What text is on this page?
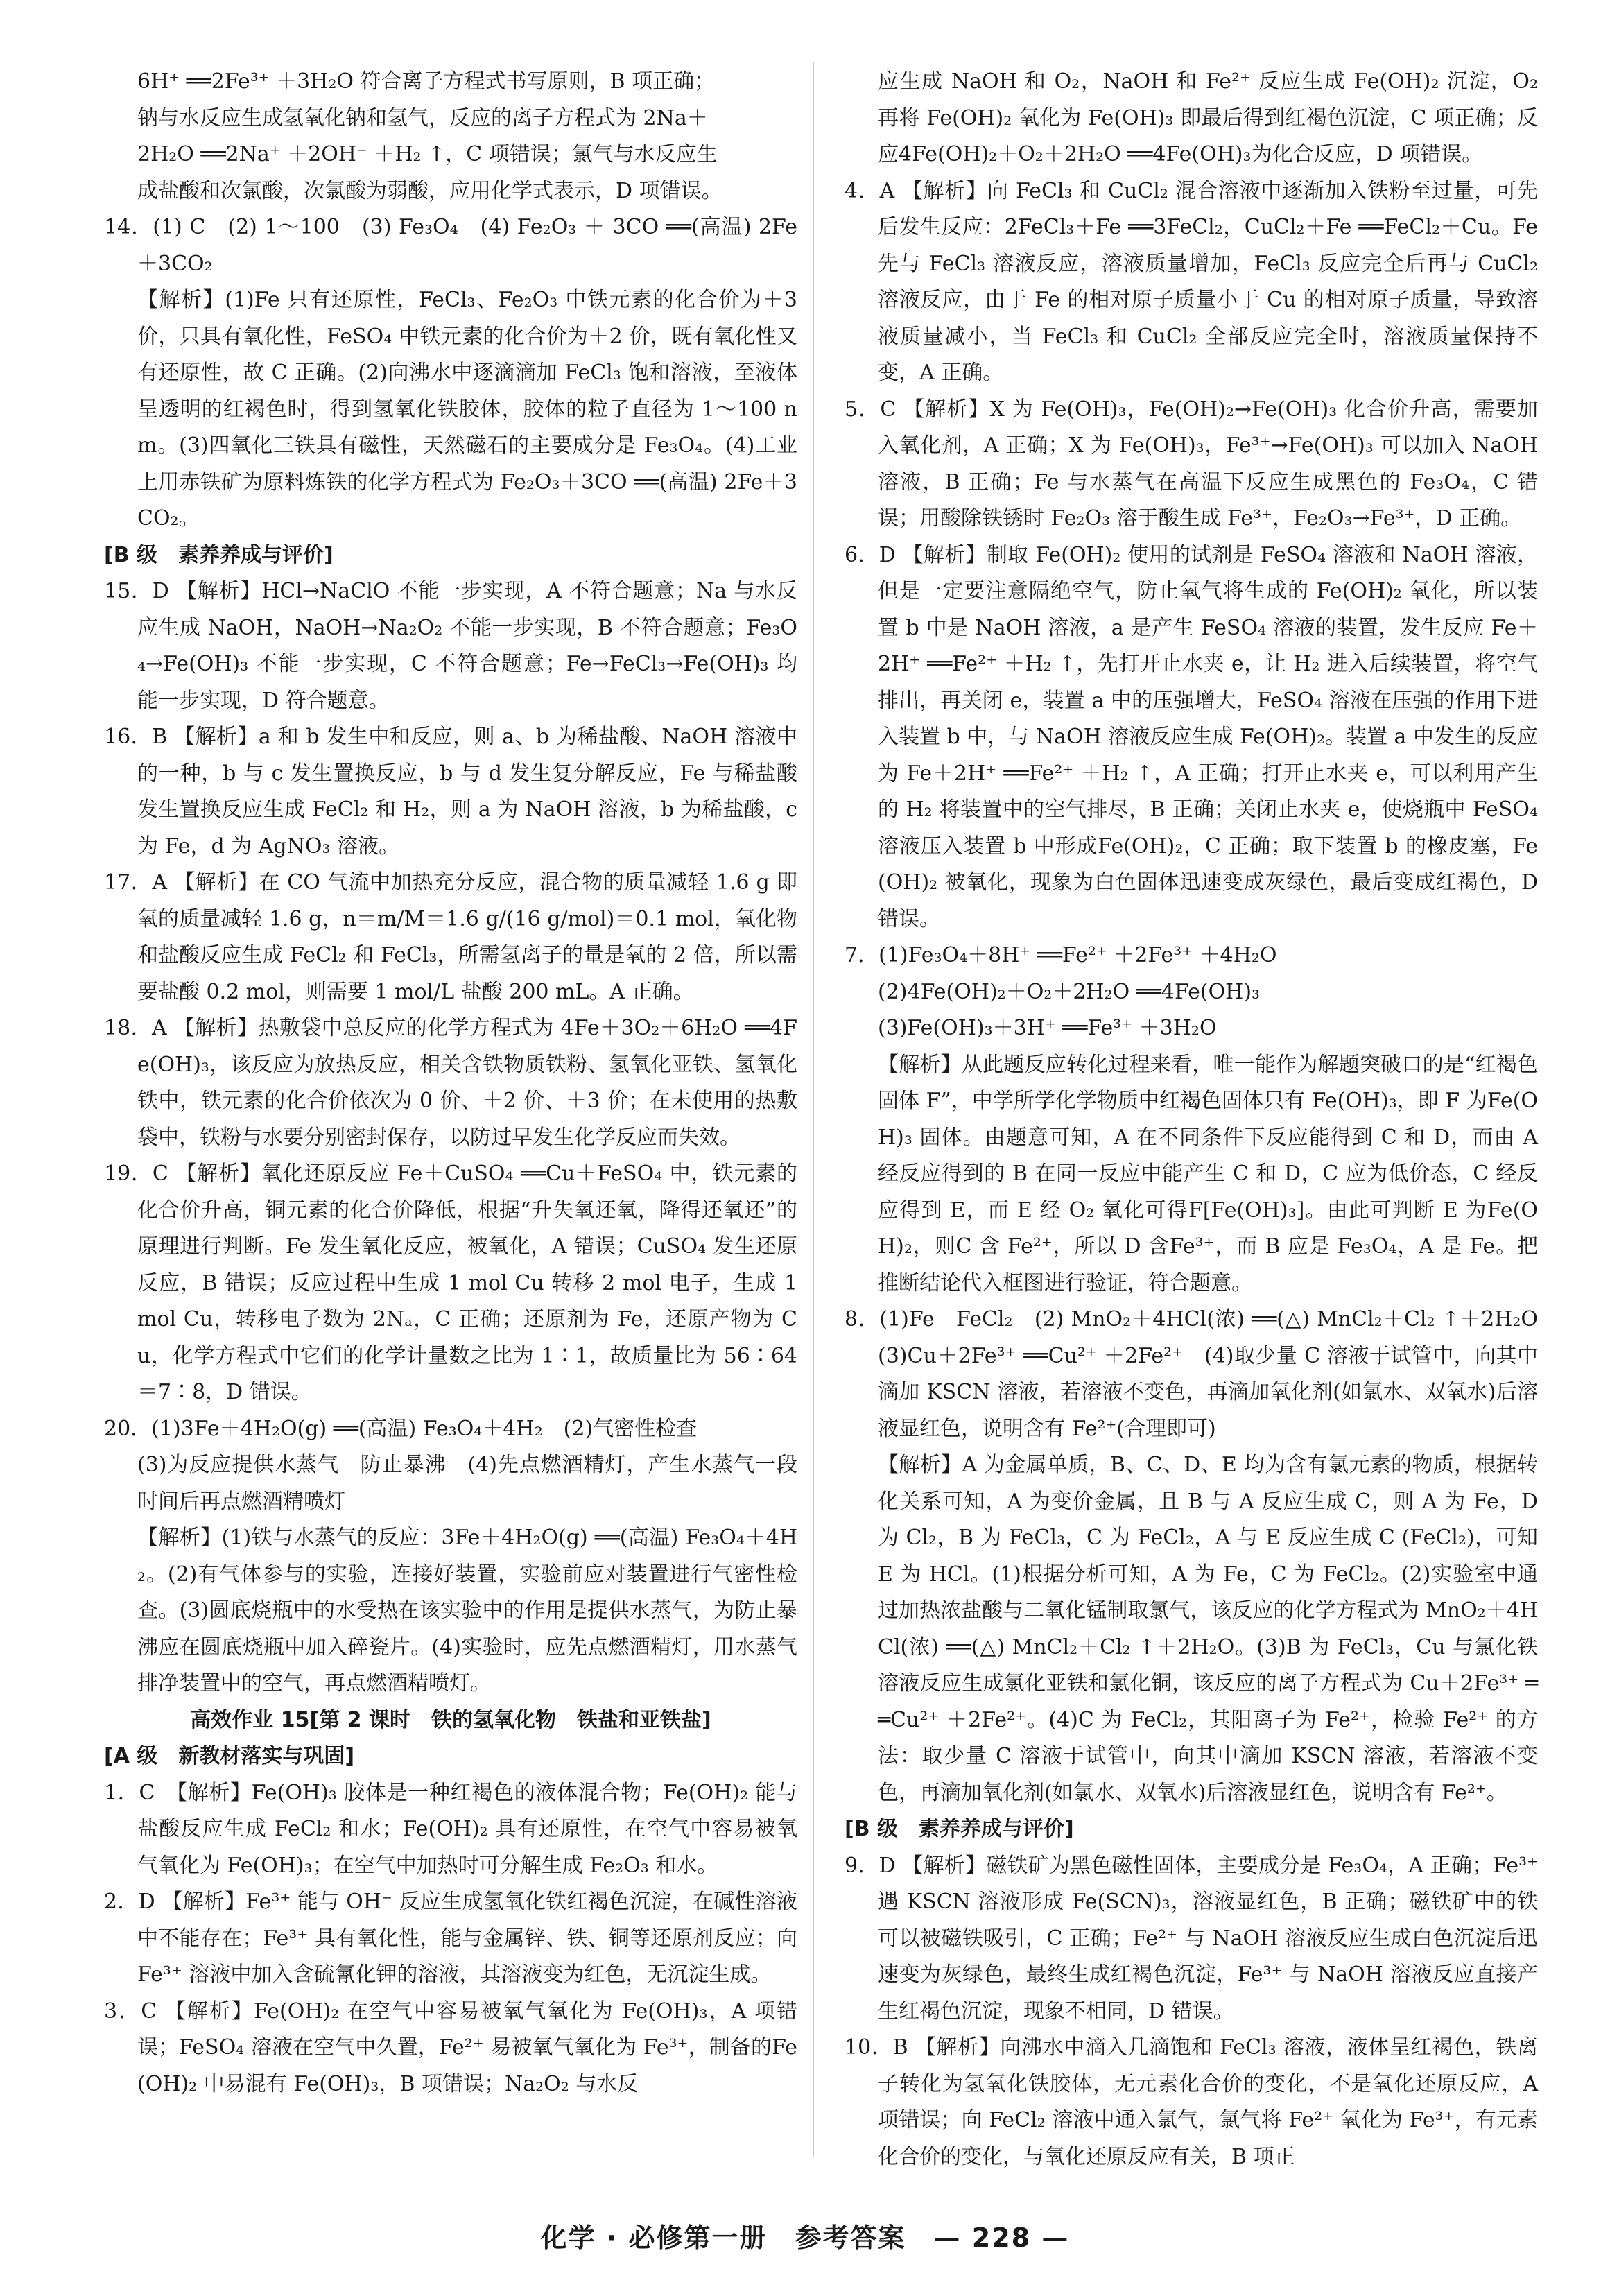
6H⁺ ══2Fe³⁺ ＋3H₂O 符合离子方程式书写原则，B 项正确；

钠与水反应生成氢氧化钠和氢气，反应的离子方程式为 2Na＋

2H₂O ══2Na⁺ ＋2OH⁻ ＋H₂ ↑，C 项错误；氯气与水反应生

成盐酸和次氯酸，次氯酸为弱酸，应用化学式表示，D 项错误。

14．(1) C　(2) 1～100　(3) Fe₃O₄　(4) Fe₂O₃ ＋ 3CO ══(高温) 2Fe＋3CO₂

【解析】(1)Fe 只有还原性，FeCl₃、Fe₂O₃ 中铁元素的化合价为＋3 价，只具有氧化性，FeSO₄ 中铁元素的化合价为＋2 价，既有氧化性又有还原性，故 C 正确。(2)向沸水中逐滴滴加 FeCl₃ 饱和溶液，至液体呈透明的红褐色时，得到氢氧化铁胶体，胶体的粒子直径为 1～100 nm。(3)四氧化三铁具有磁性，天然磁石的主要成分是 Fe₃O₄。(4)工业上用赤铁矿为原料炼铁的化学方程式为 Fe₂O₃＋3CO ══(高温) 2Fe＋3CO₂。

[B 级　素养养成与评价]

15．D 【解析】HCl→NaClO 不能一步实现，A 不符合题意；Na 与水反应生成 NaOH，NaOH→Na₂O₂ 不能一步实现，B 不符合题意；Fe₃O₄→Fe(OH)₃ 不能一步实现，C 不符合题意；Fe→FeCl₃→Fe(OH)₃ 均能一步实现，D 符合题意。

16．B 【解析】a 和 b 发生中和反应，则 a、b 为稀盐酸、NaOH 溶液中的一种，b 与 c 发生置换反应，b 与 d 发生复分解反应，Fe 与稀盐酸发生置换反应生成 FeCl₂ 和 H₂，则 a 为 NaOH 溶液，b 为稀盐酸，c 为 Fe，d 为 AgNO₃ 溶液。

17．A 【解析】在 CO 气流中加热充分反应，混合物的质量减轻 1.6 g 即氧的质量减轻 1.6 g，n＝m/M＝1.6 g/(16 g/mol)＝0.1 mol，氧化物和盐酸反应生成 FeCl₂ 和 FeCl₃，所需氢离子的量是氧的 2 倍，所以需要盐酸 0.2 mol，则需要 1 mol/L 盐酸 200 mL。A 正确。

18．A 【解析】热敷袋中总反应的化学方程式为 4Fe＋3O₂＋6H₂O ══4Fe(OH)₃，该反应为放热反应，相关含铁物质铁粉、氢氧化亚铁、氢氧化铁中，铁元素的化合价依次为 0 价、＋2 价、＋3 价；在未使用的热敷袋中，铁粉与水要分别密封保存，以防过早发生化学反应而失效。

19．C 【解析】氧化还原反应 Fe＋CuSO₄ ══Cu＋FeSO₄ 中，铁元素的化合价升高，铜元素的化合价降低，根据“升失氧还氧，降得还氧还”的原理进行判断。Fe 发生氧化反应，被氧化，A 错误；CuSO₄ 发生还原反应，B 错误；反应过程中生成 1 mol Cu 转移 2 mol 电子，生成 1 mol Cu，转移电子数为 2Nₐ，C 正确；还原剂为 Fe，还原产物为 Cu，化学方程式中它们的化学计量数之比为 1∶1，故质量比为 56∶64＝7∶8，D 错误。

20．(1)3Fe＋4H₂O(g) ══(高温) Fe₃O₄＋4H₂　(2)气密性检查

(3)为反应提供水蒸气　防止暴沸　(4)先点燃酒精灯，产生水蒸气一段时间后再点燃酒精喷灯

【解析】(1)铁与水蒸气的反应：3Fe＋4H₂O(g) ══(高温) Fe₃O₄＋4H₂。(2)有气体参与的实验，连接好装置，实验前应对装置进行气密性检查。(3)圆底烧瓶中的水受热在该实验中的作用是提供水蒸气，为防止暴沸应在圆底烧瓶中加入碎瓷片。(4)实验时，应先点燃酒精灯，用水蒸气排净装置中的空气，再点燃酒精喷灯。

高效作业 15[第 2 课时　铁的氢氧化物　铁盐和亚铁盐]

[A 级　新教材落实与巩固]

1．C　【解析】Fe(OH)₃ 胶体是一种红褐色的液体混合物；Fe(OH)₂ 能与盐酸反应生成 FeCl₂ 和水；Fe(OH)₂ 具有还原性，在空气中容易被氧气氧化为 Fe(OH)₃；在空气中加热时可分解生成 Fe₂O₃ 和水。

2．D 【解析】Fe³⁺ 能与 OH⁻ 反应生成氢氧化铁红褐色沉淀，在碱性溶液中不能存在；Fe³⁺ 具有氧化性，能与金属锌、铁、铜等还原剂反应；向 Fe³⁺ 溶液中加入含硫氰化钾的溶液，其溶液变为红色，无沉淀生成。

3．C 【解析】Fe(OH)₂ 在空气中容易被氧气氧化为 Fe(OH)₃，A 项错误；FeSO₄ 溶液在空气中久置，Fe²⁺ 易被氧气氧化为 Fe³⁺，制备的Fe(OH)₂ 中易混有 Fe(OH)₃，B 项错误；Na₂O₂ 与水反

应生成 NaOH 和 O₂，NaOH 和 Fe²⁺ 反应生成 Fe(OH)₂ 沉淀，O₂ 再将 Fe(OH)₂ 氧化为 Fe(OH)₃ 即最后得到红褐色沉淀，C 项正确；反应4Fe(OH)₂＋O₂＋2H₂O ══4Fe(OH)₃为化合反应，D 项错误。

4．A 【解析】向 FeCl₃ 和 CuCl₂ 混合溶液中逐渐加入铁粉至过量，可先后发生反应：2FeCl₃＋Fe ══3FeCl₂，CuCl₂＋Fe ══FeCl₂＋Cu。Fe 先与 FeCl₃ 溶液反应，溶液质量增加，FeCl₃ 反应完全后再与 CuCl₂ 溶液反应，由于 Fe 的相对原子质量小于 Cu 的相对原子质量，导致溶液质量减小，当 FeCl₃ 和 CuCl₂ 全部反应完全时，溶液质量保持不变，A 正确。

5．C 【解析】X 为 Fe(OH)₃，Fe(OH)₂→Fe(OH)₃ 化合价升高，需要加入氧化剂，A 正确；X 为 Fe(OH)₃，Fe³⁺→Fe(OH)₃ 可以加入 NaOH 溶液，B 正确；Fe 与水蒸气在高温下反应生成黑色的 Fe₃O₄，C 错误；用酸除铁锈时 Fe₂O₃ 溶于酸生成 Fe³⁺，Fe₂O₃→Fe³⁺，D 正确。

6．D 【解析】制取 Fe(OH)₂ 使用的试剂是 FeSO₄ 溶液和 NaOH 溶液，但是一定要注意隔绝空气，防止氧气将生成的 Fe(OH)₂ 氧化，所以装置 b 中是 NaOH 溶液，a 是产生 FeSO₄ 溶液的装置，发生反应 Fe＋2H⁺ ══Fe²⁺ ＋H₂ ↑，先打开止水夹 e，让 H₂ 进入后续装置，将空气排出，再关闭 e，装置 a 中的压强增大，FeSO₄ 溶液在压强的作用下进入装置 b 中，与 NaOH 溶液反应生成 Fe(OH)₂。装置 a 中发生的反应为 Fe＋2H⁺ ══Fe²⁺ ＋H₂ ↑，A 正确；打开止水夹 e，可以利用产生的 H₂ 将装置中的空气排尽，B 正确；关闭止水夹 e，使烧瓶中 FeSO₄ 溶液压入装置 b 中形成Fe(OH)₂，C 正确；取下装置 b 的橡皮塞，Fe(OH)₂ 被氧化，现象为白色固体迅速变成灰绿色，最后变成红褐色，D 错误。

7．(1)Fe₃O₄＋8H⁺ ══Fe²⁺ ＋2Fe³⁺ ＋4H₂O

(2)4Fe(OH)₂＋O₂＋2H₂O ══4Fe(OH)₃

(3)Fe(OH)₃＋3H⁺ ══Fe³⁺ ＋3H₂O

【解析】从此题反应转化过程来看，唯一能作为解题突破口的是“红褐色固体 F”，中学所学化学物质中红褐色固体只有 Fe(OH)₃，即 F 为Fe(OH)₃ 固体。由题意可知，A 在不同条件下反应能得到 C 和 D，而由 A 经反应得到的 B 在同一反应中能产生 C 和 D，C 应为低价态，C 经反应得到 E，而 E 经 O₂ 氧化可得F[Fe(OH)₃]。由此可判断 E 为Fe(OH)₂，则C 含 Fe²⁺，所以 D 含Fe³⁺，而 B 应是 Fe₃O₄，A 是 Fe。把推断结论代入框图进行验证，符合题意。

8．(1)Fe　FeCl₂　(2) MnO₂＋4HCl(浓) ══(△) MnCl₂＋Cl₂ ↑＋2H₂O　(3)Cu＋2Fe³⁺ ══Cu²⁺ ＋2Fe²⁺　(4)取少量 C 溶液于试管中，向其中滴加 KSCN 溶液，若溶液不变色，再滴加氧化剂(如氯水、双氧水)后溶液显红色，说明含有 Fe²⁺(合理即可)

【解析】A 为金属单质，B、C、D、E 均为含有氯元素的物质，根据转化关系可知，A 为变价金属，且 B 与 A 反应生成 C，则 A 为 Fe，D 为 Cl₂，B 为 FeCl₃，C 为 FeCl₂，A 与 E 反应生成 C (FeCl₂)，可知 E 为 HCl。(1)根据分析可知，A 为 Fe，C 为 FeCl₂。(2)实验室中通过加热浓盐酸与二氧化锰制取氯气，该反应的化学方程式为 MnO₂＋4HCl(浓) ══(△) MnCl₂＋Cl₂ ↑＋2H₂O。(3)B 为 FeCl₃，Cu 与氯化铁溶液反应生成氯化亚铁和氯化铜，该反应的离子方程式为 Cu＋2Fe³⁺ ══Cu²⁺ ＋2Fe²⁺。(4)C 为 FeCl₂，其阳离子为 Fe²⁺，检验 Fe²⁺ 的方法：取少量 C 溶液于试管中，向其中滴加 KSCN 溶液，若溶液不变色，再滴加氧化剂(如氯水、双氧水)后溶液显红色，说明含有 Fe²⁺。

[B 级　素养养成与评价]

9．D 【解析】磁铁矿为黑色磁性固体，主要成分是 Fe₃O₄，A 正确；Fe³⁺ 遇 KSCN 溶液形成 Fe(SCN)₃，溶液显红色，B 正确；磁铁矿中的铁可以被磁铁吸引，C 正确；Fe²⁺ 与 NaOH 溶液反应生成白色沉淀后迅速变为灰绿色，最终生成红褐色沉淀，Fe³⁺ 与 NaOH 溶液反应直接产生红褐色沉淀，现象不相同，D 错误。

10．B 【解析】向沸水中滴入几滴饱和 FeCl₃ 溶液，液体呈红褐色，铁离子转化为氢氧化铁胶体，无元素化合价的变化，不是氧化还原反应，A 项错误；向 FeCl₂ 溶液中通入氯气，氯气将 Fe²⁺ 氧化为 Fe³⁺，有元素化合价的变化，与氧化还原反应有关，B 项正

化学 · 必修第一册　参考答案　— 228 —
